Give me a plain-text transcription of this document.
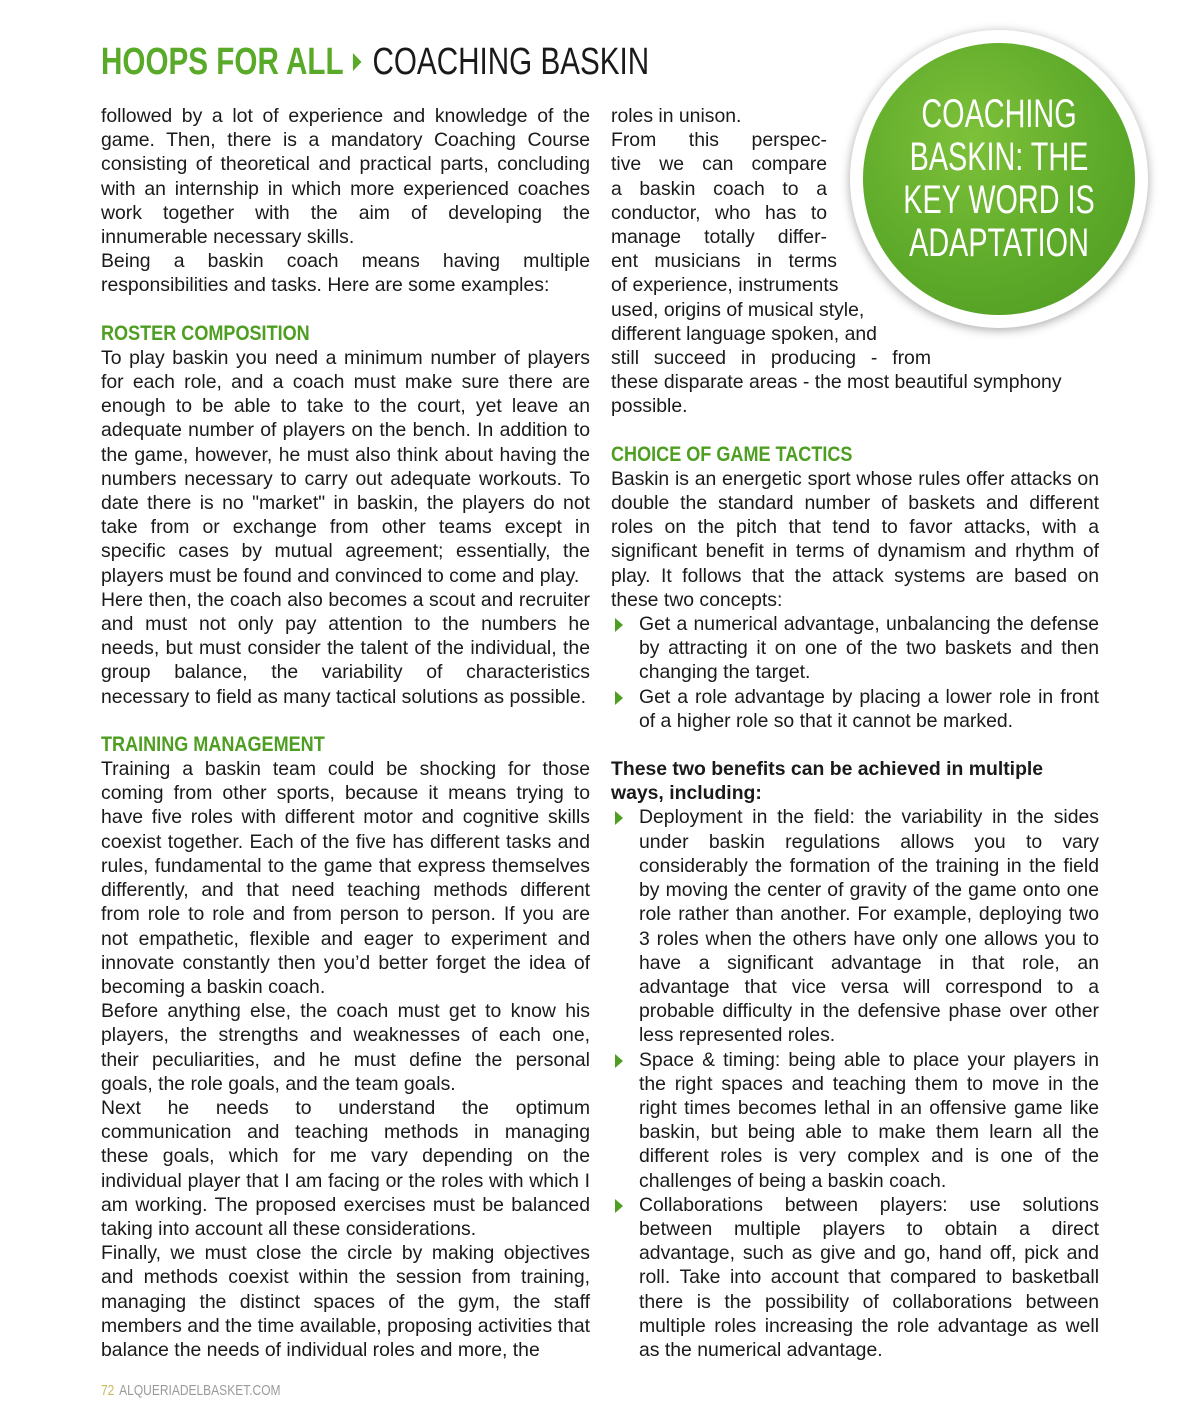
HOOPS FOR ALL COACHING BASKIN
COACHING BASKIN: THE KEY WORD IS ADAPTATION

followed by a lot of experience and knowledge of the game. Then, there is a mandatory Coaching Course consisting of theoretical and practical parts, concluding with an internship in which more experienced coaches work together with the aim of developing the innumerable necessary skills.

Being a baskin coach means having multiple responsibilities and tasks. Here are some examples:

ROSTER COMPOSITION

To play baskin you need a minimum number of players for each role, and a coach must make sure there are enough to be able to take to the court, yet leave an adequate number of players on the bench. In addition to the game, however, he must also think about having the numbers necessary to carry out adequate workouts. To date there is no "market" in baskin, the players do not take from or exchange from other teams except in specific cases by mutual agreement; essentially, the players must be found and convinced to come and play.

Here then, the coach also becomes a scout and recruiter and must not only pay attention to the numbers he needs, but must consider the talent of the individual, the group balance, the variability of characteristics necessary to field as many tactical solutions as possible.

TRAINING MANAGEMENT

Training a baskin team could be shocking for those coming from other sports, because it means trying to have five roles with different motor and cognitive skills coexist together. Each of the five has different tasks and rules, fundamental to the game that express themselves differently, and that need teaching methods different from role to role and from person to person. If you are not empathetic, flexible and eager to experiment and innovate constantly then you’d better forget the idea of becoming a baskin coach.

Before anything else, the coach must get to know his players, the strengths and weaknesses of each one, their peculiarities, and he must define the personal goals, the role goals, and the team goals.

Next he needs to understand the optimum communication and teaching methods in managing these goals, which for me vary depending on the individual player that I am facing or the roles with which I am working. The proposed exercises must be balanced taking into account all these considerations.

Finally, we must close the circle by making objectives and methods coexist within the session from training, managing the distinct spaces of the gym, the staff members and the time available, proposing activities that balance the needs of individual roles and more, the

roles in unison.

From this perspec-

tive we can compare

a baskin coach to a

conductor, who has to

manage totally differ-

ent musicians in terms

of experience, instruments

used, origins of musical style,

different language spoken, and

still succeed in producing - from

these disparate areas - the most beautiful symphony possible.

CHOICE OF GAME TACTICS

Baskin is an energetic sport whose rules offer attacks on double the standard number of baskets and different roles on the pitch that tend to favor attacks, with a significant benefit in terms of dynamism and rhythm of play. It follows that the attack systems are based on these two concepts:

Get a numerical advantage, unbalancing the defense by attracting it on one of the two baskets and then changing the target.
Get a role advantage by placing a lower role in front of a higher role so that it cannot be marked.

These two benefits can be achieved in multiple ways, including:

Deployment in the field: the variability in the sides under baskin regulations allows you to vary considerably the formation of the training in the field by moving the center of gravity of the game onto one role rather than another. For example, deploying two 3 roles when the others have only one allows you to have a significant advantage in that role, an advantage that vice versa will correspond to a probable difficulty in the defensive phase over other less represented roles.
Space & timing: being able to place your players in the right spaces and teaching them to move in the right times becomes lethal in an offensive game like baskin, but being able to make them learn all the different roles is very complex and is one of the challenges of being a baskin coach.
Collaborations between players: use solutions between multiple players to obtain a direct advantage, such as give and go, hand off, pick and roll. Take into account that compared to basketball there is the possibility of collaborations between multiple roles increasing the role advantage as well as the numerical advantage.
72 ALQUERIADELBASKET.COM
